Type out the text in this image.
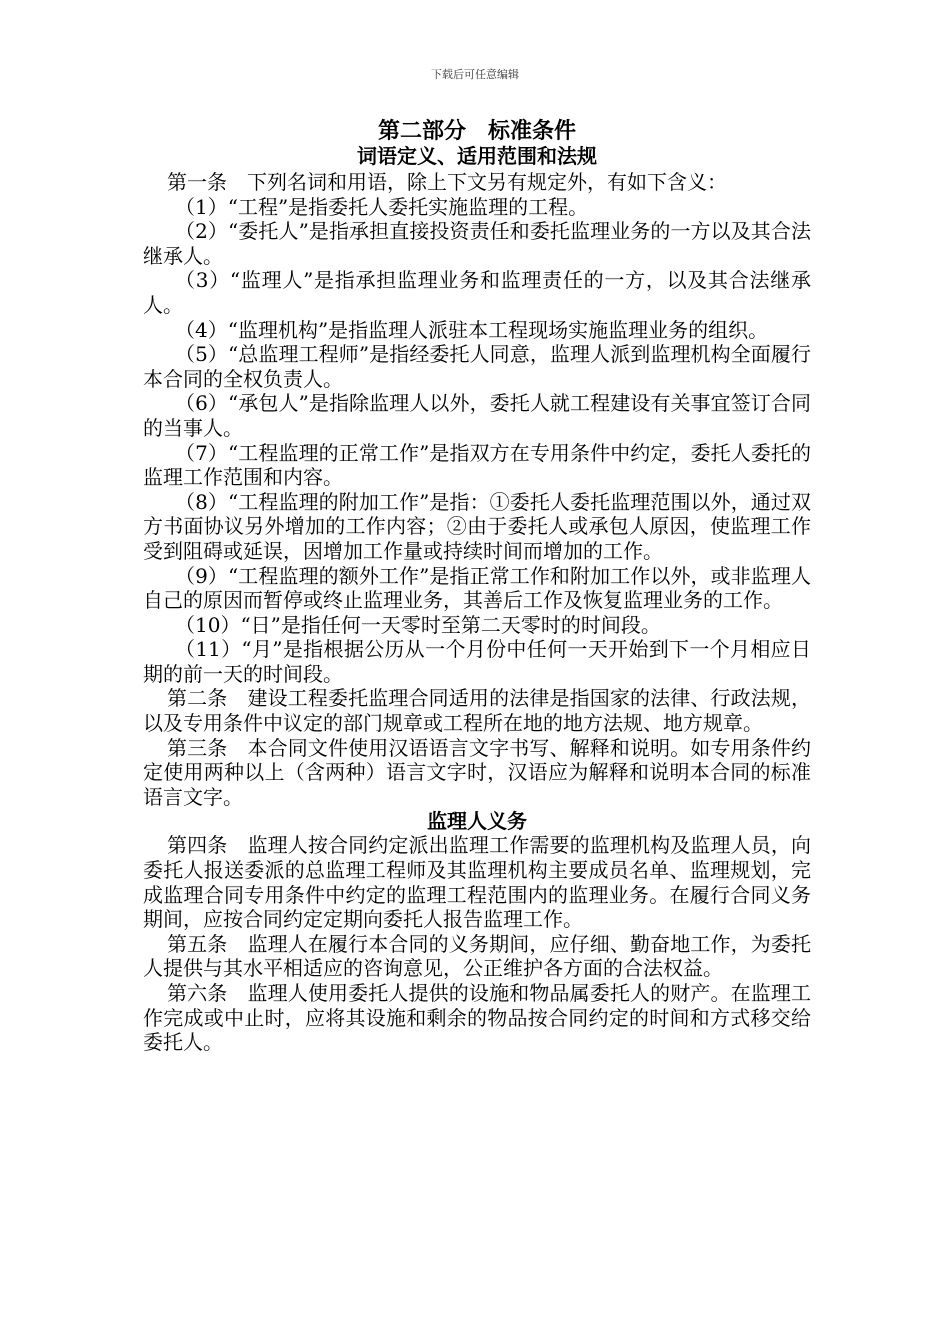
下载后可任意编辑
第二部分　标准条件
词语定义、适用范围和法规

第一条　下列名词和用语，除上下文另有规定外，有如下含义：

（1）“工程”是指委托人委托实施监理的工程。

（2）“委托人”是指承担直接投资责任和委托监理业务的一方以及其合法继承人。

（3）“监理人”是指承担监理业务和监理责任的一方，以及其合法继承人。

（4）“监理机构”是指监理人派驻本工程现场实施监理业务的组织。

（5）“总监理工程师”是指经委托人同意，监理人派到监理机构全面履行本合同的全权负责人。

（6）“承包人”是指除监理人以外，委托人就工程建设有关事宜签订合同的当事人。

（7）“工程监理的正常工作”是指双方在专用条件中约定，委托人委托的监理工作范围和内容。

（8）“工程监理的附加工作”是指：①委托人委托监理范围以外，通过双方书面协议另外增加的工作内容；②由于委托人或承包人原因，使监理工作受到阻碍或延误，因增加工作量或持续时间而增加的工作。

（9）“工程监理的额外工作”是指正常工作和附加工作以外，或非监理人自己的原因而暂停或终止监理业务，其善后工作及恢复监理业务的工作。

（10）“日”是指任何一天零时至第二天零时的时间段。

（11）“月”是指根据公历从一个月份中任何一天开始到下一个月相应日期的前一天的时间段。

第二条　建设工程委托监理合同适用的法律是指国家的法律、行政法规，以及专用条件中议定的部门规章或工程所在地的地方法规、地方规章。

第三条　本合同文件使用汉语语言文字书写、解释和说明。如专用条件约定使用两种以上（含两种）语言文字时，汉语应为解释和说明本合同的标准语言文字。

监理人义务

第四条　监理人按合同约定派出监理工作需要的监理机构及监理人员，向委托人报送委派的总监理工程师及其监理机构主要成员名单、监理规划，完成监理合同专用条件中约定的监理工程范围内的监理业务。在履行合同义务期间，应按合同约定定期向委托人报告监理工作。

第五条　监理人在履行本合同的义务期间，应仔细、勤奋地工作，为委托人提供与其水平相适应的咨询意见，公正维护各方面的合法权益。

第六条　监理人使用委托人提供的设施和物品属委托人的财产。在监理工作完成或中止时，应将其设施和剩余的物品按合同约定的时间和方式移交给委托人。
